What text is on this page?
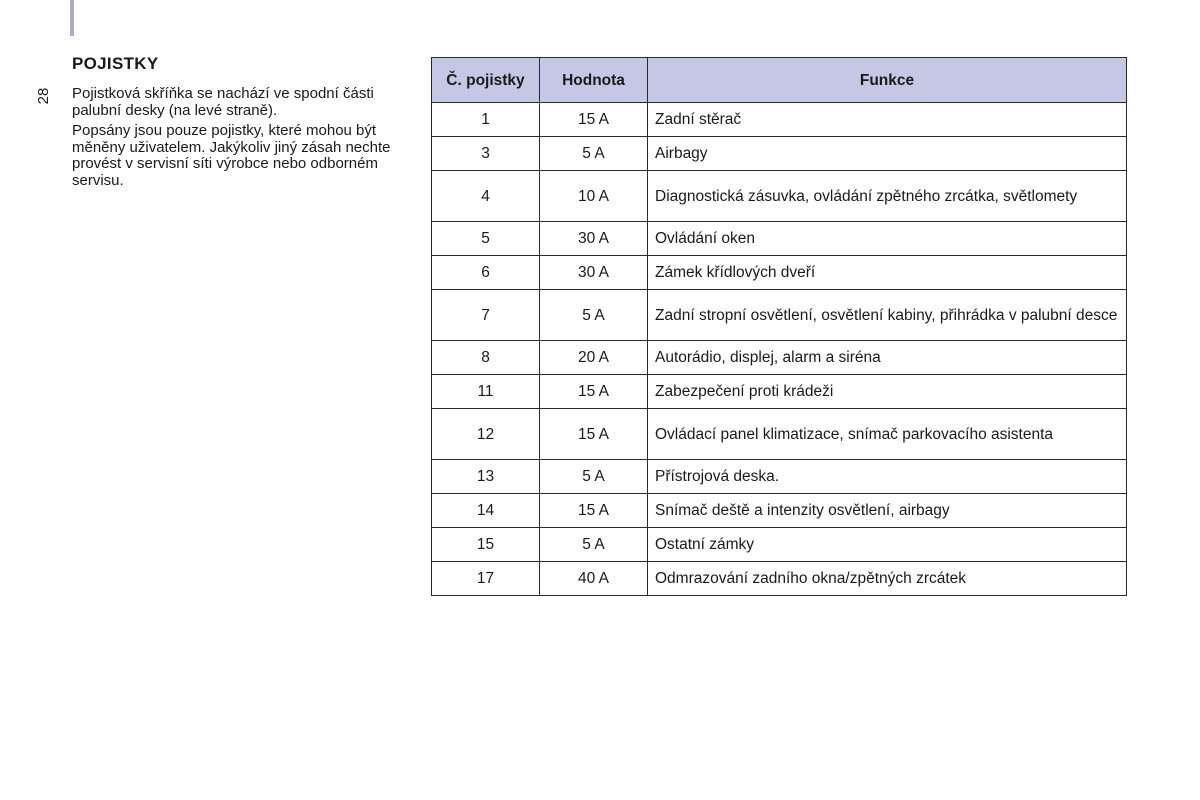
28
POJISTKY

Pojistková skříňka se nachází ve spodní části palubní desky (na levé straně).

Popsány jsou pouze pojistky, které mohou být měněny uživatelem. Jakýkoliv jiný zásah nechte provést v servisní síti výrobce nebo odborném servisu.

Č. pojistky	Hodnota	Funkce
1	15 A	Zadní stěrač
3	5 A	Airbagy
4	10 A	Diagnostická zásuvka, ovládání zpětného zrcátka, světlomety
5	30 A	Ovládání oken
6	30 A	Zámek křídlových dveří
7	5 A	Zadní stropní osvětlení, osvětlení kabiny, přihrádka v palubní desce
8	20 A	Autorádio, displej, alarm a siréna
11	15 A	Zabezpečení proti krádeži
12	15 A	Ovládací panel klimatizace, snímač parkovacího asistenta
13	5 A	Přístrojová deska.
14	15 A	Snímač deště a intenzity osvětlení, airbagy
15	5 A	Ostatní zámky
17	40 A	Odmrazování zadního okna/zpětných zrcátek
